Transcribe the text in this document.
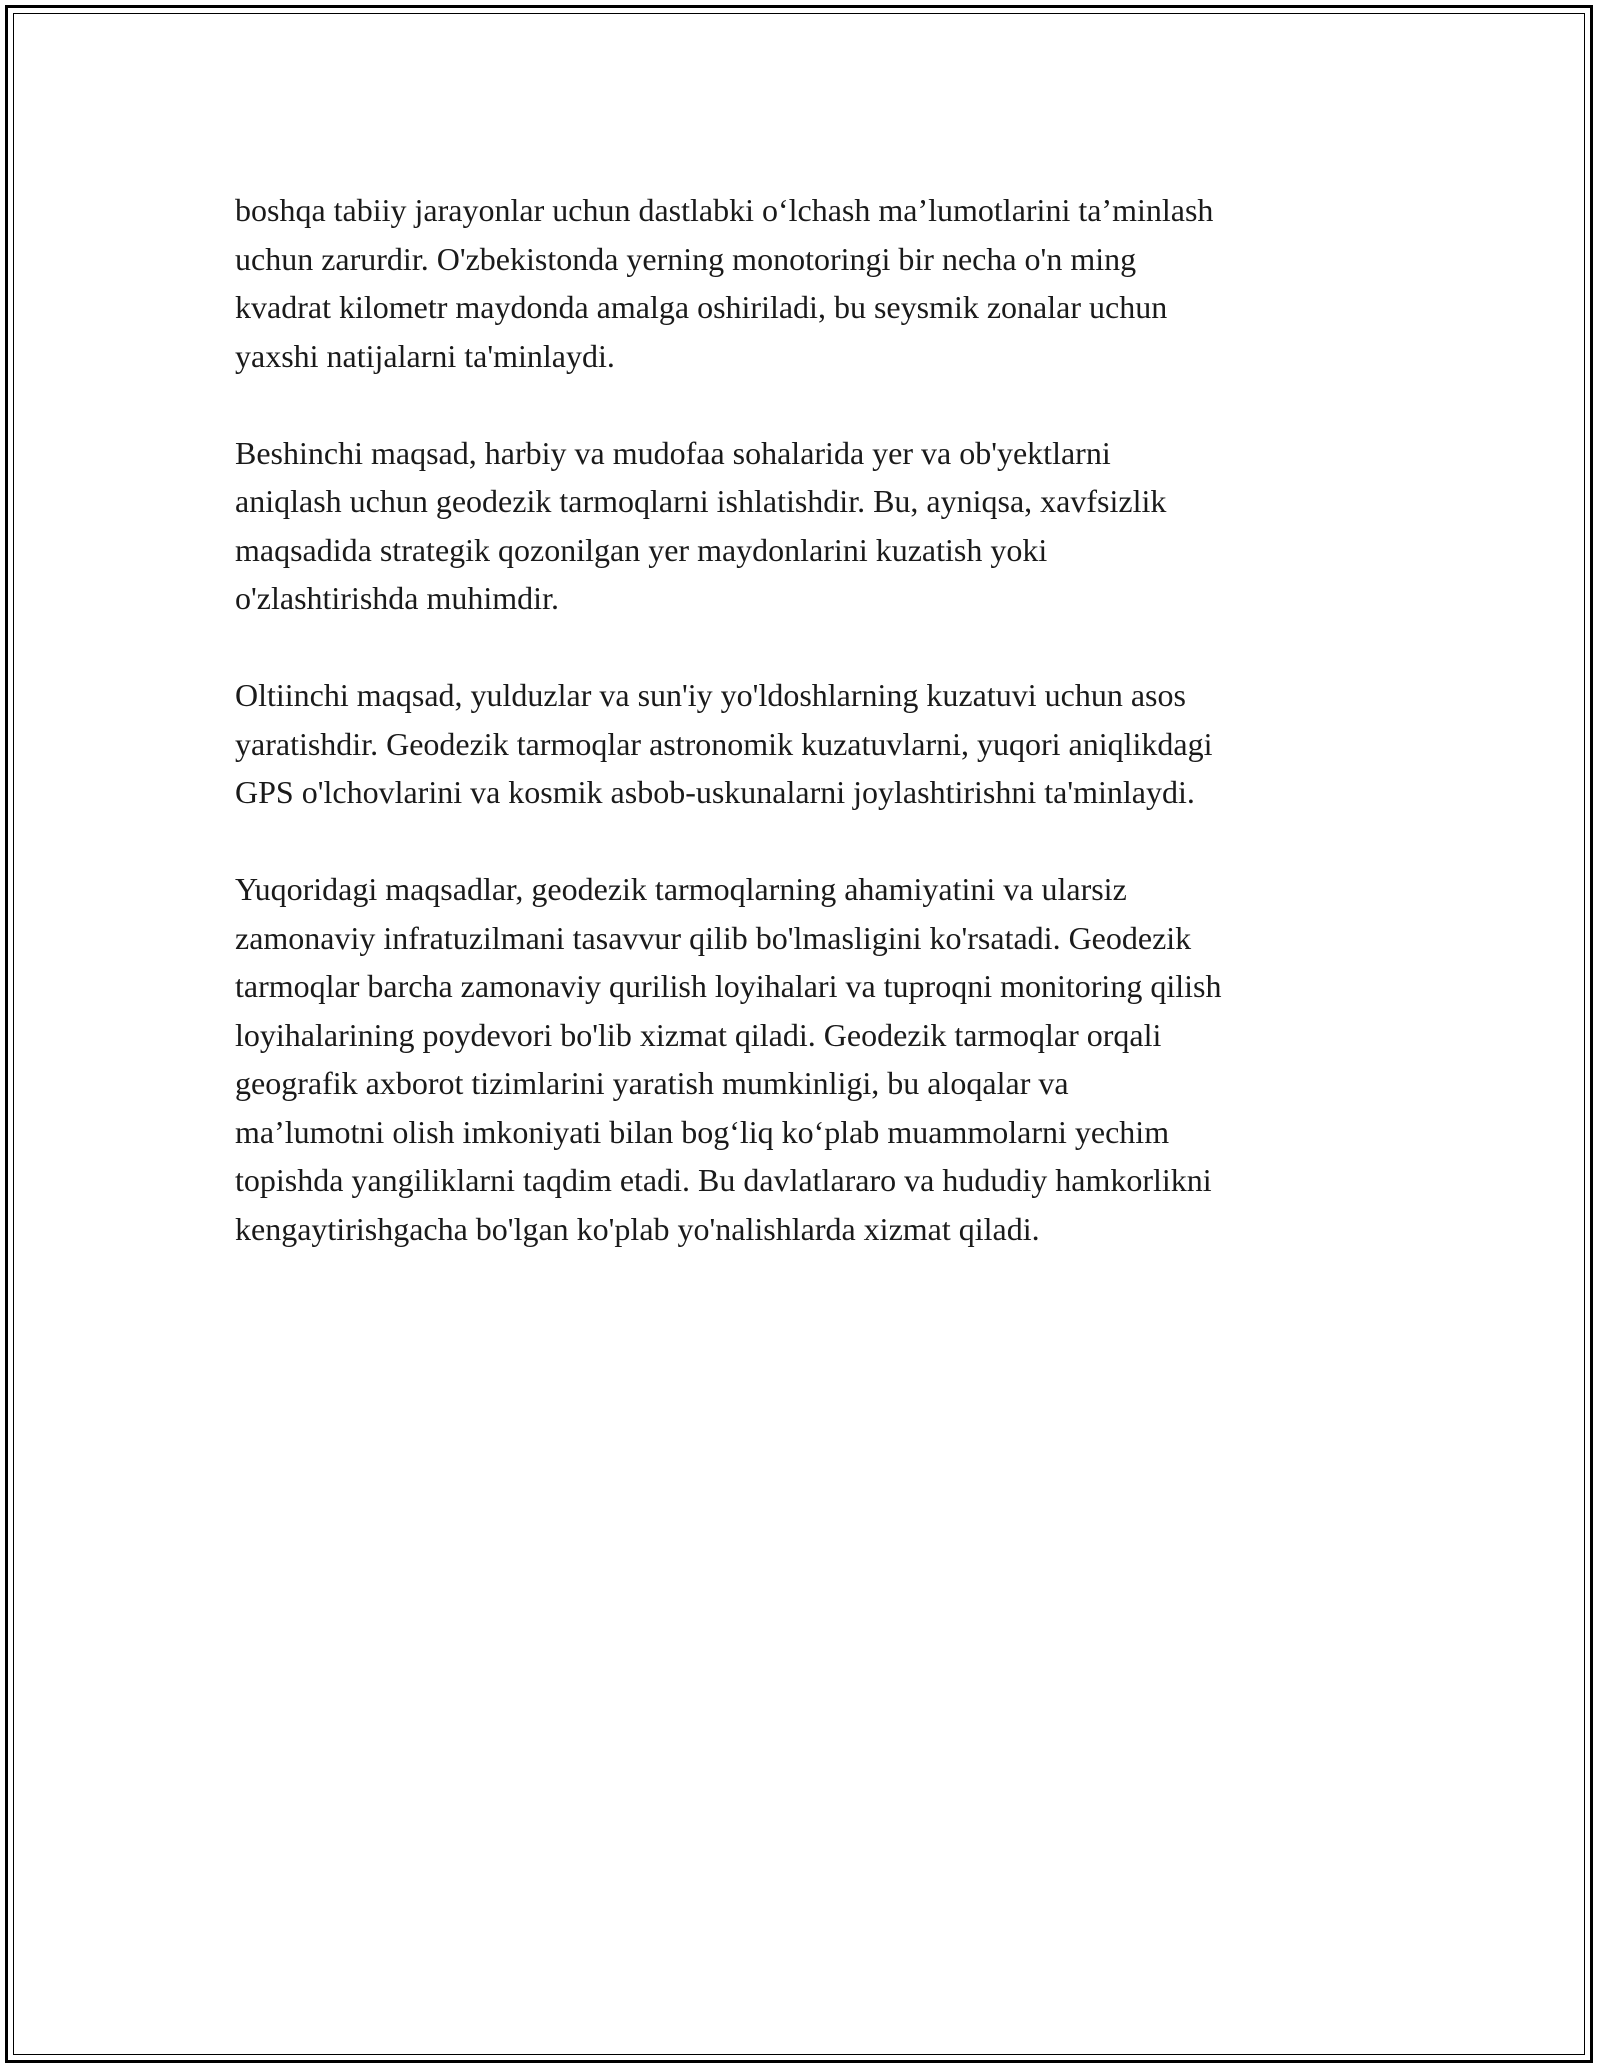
boshqa tabiiy jarayonlar uchun dastlabki o‘lchash ma’lumotlarini ta’minlash
uchun zarurdir. O'zbekistonda yerning monotoringi bir necha o'n ming
kvadrat kilometr maydonda amalga oshiriladi, bu seysmik zonalar uchun
yaxshi natijalarni ta'minlaydi.

Beshinchi maqsad, harbiy va mudofaa sohalarida yer va ob'yektlarni
aniqlash uchun geodezik tarmoqlarni ishlatishdir. Bu, ayniqsa, xavfsizlik
maqsadida strategik qozonilgan yer maydonlarini kuzatish yoki
o'zlashtirishda muhimdir.

Oltiinchi maqsad, yulduzlar va sun'iy yo'ldoshlarning kuzatuvi uchun asos
yaratishdir. Geodezik tarmoqlar astronomik kuzatuvlarni, yuqori aniqlikdagi
GPS o'lchovlarini va kosmik asbob-uskunalarni joylashtirishni ta'minlaydi.

Yuqoridagi maqsadlar, geodezik tarmoqlarning ahamiyatini va ularsiz
zamonaviy infratuzilmani tasavvur qilib bo'lmasligini ko'rsatadi. Geodezik
tarmoqlar barcha zamonaviy qurilish loyihalari va tuproqni monitoring qilish
loyihalarining poydevori bo'lib xizmat qiladi. Geodezik tarmoqlar orqali
geografik axborot tizimlarini yaratish mumkinligi, bu aloqalar va
ma’lumotni olish imkoniyati bilan bog‘liq ko‘plab muammolarni yechim
topishda yangiliklarni taqdim etadi. Bu davlatlararo va hududiy hamkorlikni
kengaytirishgacha bo'lgan ko'plab yo'nalishlarda xizmat qiladi.
